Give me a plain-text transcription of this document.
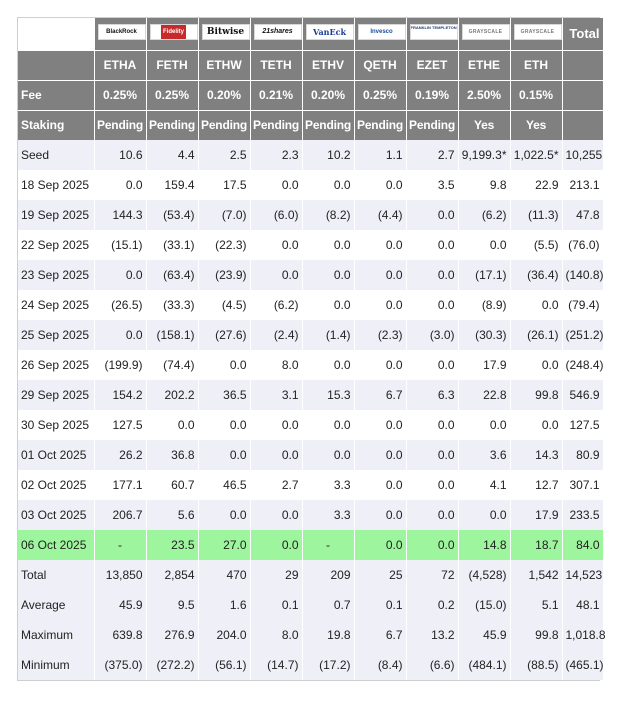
	BlackRock	Fidelity	Bitwise	21shares	VanEck	Invesco	FRANKLIN TEMPLETON	GRAYSCALE	GRAYSCALE	Total
	ETHA	FETH	ETHW	TETH	ETHV	QETH	EZET	ETHE	ETH	
Fee	0.25%	0.25%	0.20%	0.21%	0.20%	0.25%	0.19%	2.50%	0.15%	
Staking	Pending	Pending	Pending	Pending	Pending	Pending	Pending	Yes	Yes	
Seed	10.6	4.4	2.5	2.3	10.2	1.1	2.7	9,199.3*	1,022.5*	10,255
18 Sep 2025	0.0	159.4	17.5	0.0	0.0	0.0	3.5	9.8	22.9	213.1
19 Sep 2025	144.3	(53.4)	(7.0)	(6.0)	(8.2)	(4.4)	0.0	(6.2)	(11.3)	47.8
22 Sep 2025	(15.1)	(33.1)	(22.3)	0.0	0.0	0.0	0.0	0.0	(5.5)	(76.0)
23 Sep 2025	0.0	(63.4)	(23.9)	0.0	0.0	0.0	0.0	(17.1)	(36.4)	(140.8)
24 Sep 2025	(26.5)	(33.3)	(4.5)	(6.2)	0.0	0.0	0.0	(8.9)	0.0	(79.4)
25 Sep 2025	0.0	(158.1)	(27.6)	(2.4)	(1.4)	(2.3)	(3.0)	(30.3)	(26.1)	(251.2)
26 Sep 2025	(199.9)	(74.4)	0.0	8.0	0.0	0.0	0.0	17.9	0.0	(248.4)
29 Sep 2025	154.2	202.2	36.5	3.1	15.3	6.7	6.3	22.8	99.8	546.9
30 Sep 2025	127.5	0.0	0.0	0.0	0.0	0.0	0.0	0.0	0.0	127.5
01 Oct 2025	26.2	36.8	0.0	0.0	0.0	0.0	0.0	3.6	14.3	80.9
02 Oct 2025	177.1	60.7	46.5	2.7	3.3	0.0	0.0	4.1	12.7	307.1
03 Oct 2025	206.7	5.6	0.0	0.0	3.3	0.0	0.0	0.0	17.9	233.5
06 Oct 2025	-	23.5	27.0	0.0	-	0.0	0.0	14.8	18.7	84.0
Total	13,850	2,854	470	29	209	25	72	(4,528)	1,542	14,523
Average	45.9	9.5	1.6	0.1	0.7	0.1	0.2	(15.0)	5.1	48.1
Maximum	639.8	276.9	204.0	8.0	19.8	6.7	13.2	45.9	99.8	1,018.8
Minimum	(375.0)	(272.2)	(56.1)	(14.7)	(17.2)	(8.4)	(6.6)	(484.1)	(88.5)	(465.1)
